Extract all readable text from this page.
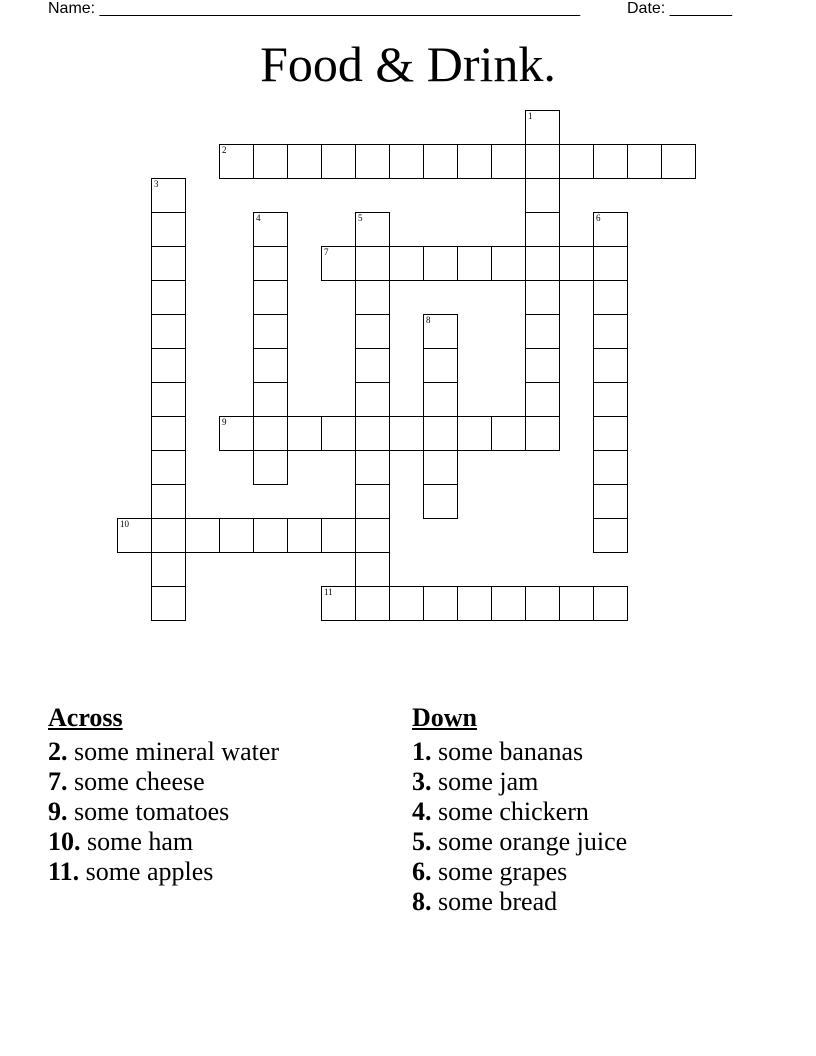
Name: ______________________________________________________	Date: _______
Food & Drink.
2
7
9
10
11
1
3
4	5	6
8
Across
2. some mineral water
7. some cheese
9. some tomatoes
10. some ham
11. some apples
Down
1. some bananas
3. some jam
4. some chickern
5. some orange juice
6. some grapes
8. some bread
